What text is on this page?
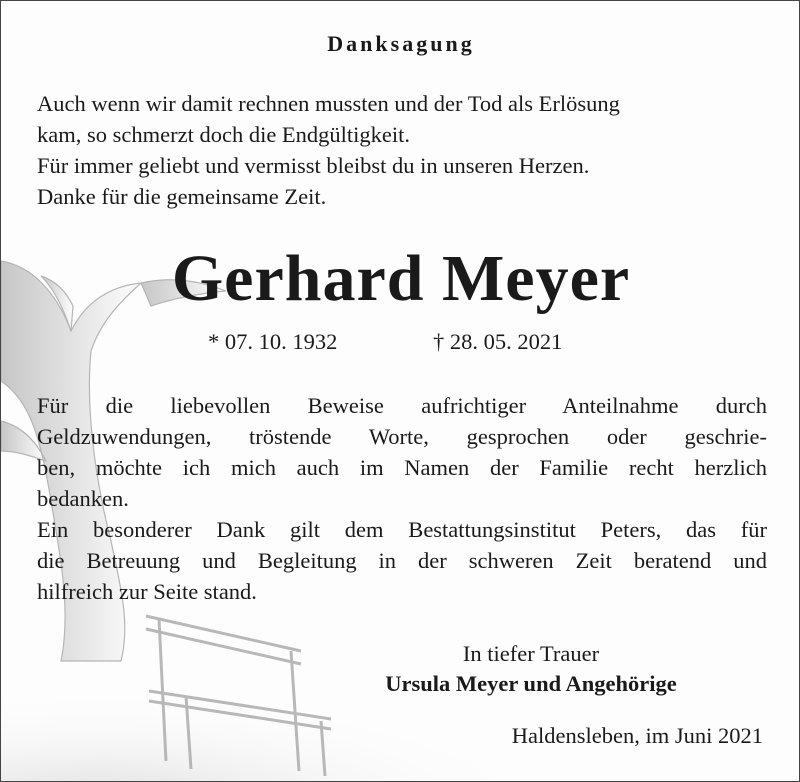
Danksagung
Auch wenn wir damit rechnen mussten und der Tod als Erlösung
kam, so schmerzt doch die Endgültigkeit.
Für immer geliebt und vermisst bleibst du in unseren Herzen.
Danke für die gemeinsame Zeit.
Gerhard Meyer
* 07. 10. 1932	† 28. 05. 2021
Für die liebevollen Beweise aufrichtiger Anteilnahme durch
Geldzuwendungen, tröstende Worte, gesprochen oder geschrie-
ben, möchte ich mich auch im Namen der Familie recht herzlich
bedanken.
Ein besonderer Dank gilt dem Bestattungsinstitut Peters, das für
die Betreuung und Begleitung in der schweren Zeit beratend und
hilfreich zur Seite stand.
In tiefer Trauer
Ursula Meyer und Angehörige
Haldensleben, im Juni 2021
